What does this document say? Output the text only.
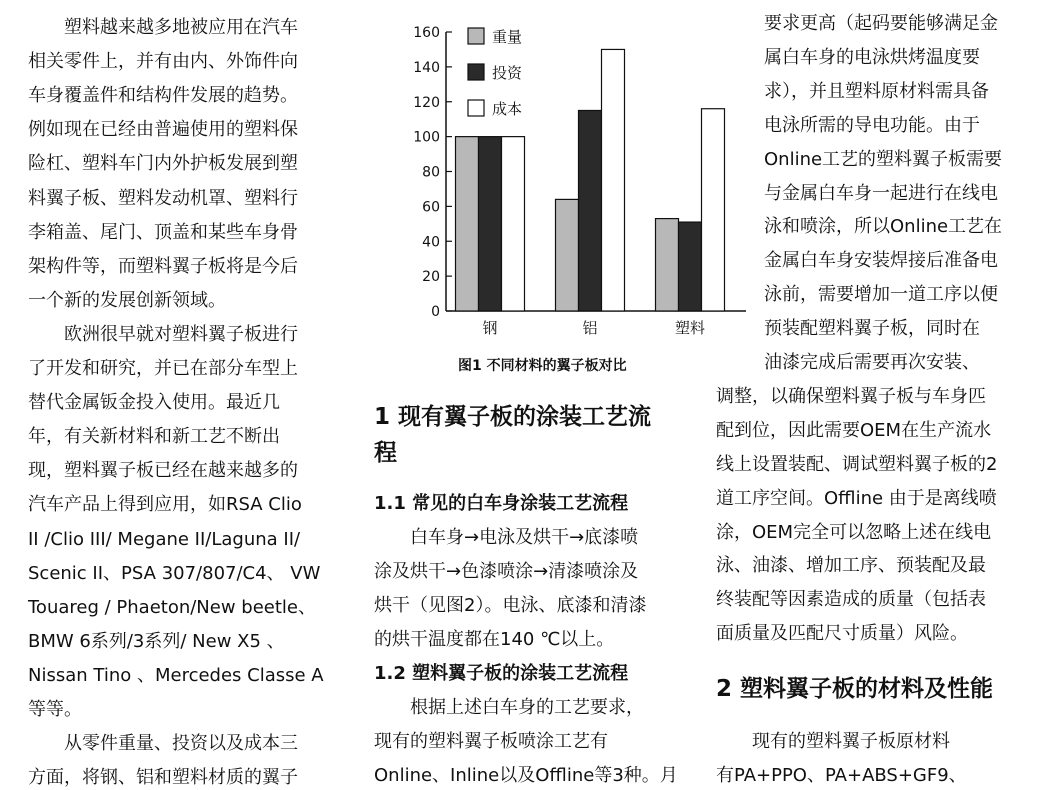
　　塑料越来越多地被应用在汽车
相关零件上，并有由内、外饰件向
车身覆盖件和结构件发展的趋势。
例如现在已经由普遍使用的塑料保
险杠、塑料车门内外护板发展到塑
料翼子板、塑料发动机罩、塑料行
李箱盖、尾门、顶盖和某些车身骨
架构件等，而塑料翼子板将是今后
一个新的发展创新领域。
　　欧洲很早就对塑料翼子板进行
了开发和研究，并已在部分车型上
替代金属钣金投入使用。最近几
年，有关新材料和新工艺不断出
现，塑料翼子板已经在越来越多的
汽车产品上得到应用，如RSA Clio
II /Clio III/ Megane II/Laguna II/
Scenic II、PSA 307/807/C4、 VW
Touareg / Phaeton/New beetle、
BMW 6系列/3系列/ New X5 、
Nissan Tino 、Mercedes Classe A
等等。
　　从零件重量、投资以及成本三
方面，将钢、铝和塑料材质的翼子
0
20
40
60
80
100
120
140
160
钢	铝	塑料
重量
投资
成本
图1 不同材料的翼子板对比
1 现有翼子板的涂装工艺流
程
1.1 常见的白车身涂装工艺流程
1.2 塑料翼子板的涂装工艺流程
　　白车身→电泳及烘干→底漆喷
涂及烘干→色漆喷涂→清漆喷涂及
烘干（见图2）。电泳、底漆和清漆
的烘干温度都在140 ℃以上。
　　根据上述白车身的工艺要求，
现有的塑料翼子板喷涂工艺有
Online、Inline以及Offline等3种。月
要求更高（起码要能够满足金
属白车身的电泳烘烤温度要
求），并且塑料原材料需具备
电泳所需的导电功能。由于
Online工艺的塑料翼子板需要
与金属白车身一起进行在线电
泳和喷涂，所以Online工艺在
金属白车身安装焊接后准备电
泳前，需要增加一道工序以便
预装配塑料翼子板，同时在
油漆完成后需要再次安装、
调整，以确保塑料翼子板与车身匹
配到位，因此需要OEM在生产流水
线上设置装配、调试塑料翼子板的2
道工序空间。Offline 由于是离线喷
涂，OEM完全可以忽略上述在线电
泳、油漆、增加工序、预装配及最
终装配等因素造成的质量（包括表
面质量及匹配尺寸质量）风险。
2 塑料翼子板的材料及性能
　　现有的塑料翼子板原材料
有PA+PPO、PA+ABS+GF9、
